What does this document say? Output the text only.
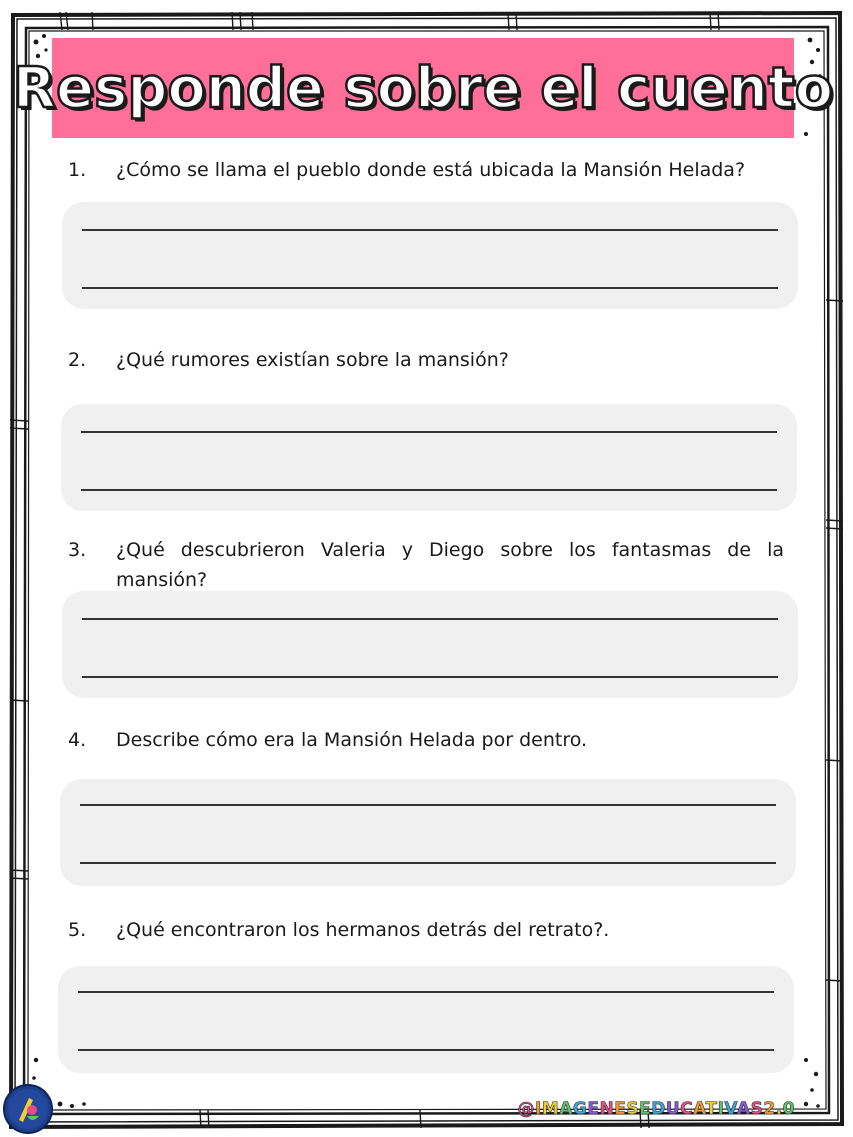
Responde sobre el cuento
1. ¿Cómo se llama el pueblo donde está ubicada la Mansión Helada?
2. ¿Qué rumores existían sobre la mansión?
3. ¿Qué descubrieron Valeria y Diego sobre los fantasmas de la mansión?
4. Describe cómo era la Mansión Helada por dentro.
5. ¿Qué encontraron los hermanos detrás del retrato?.
@IMAGENESEDUCATIVAS2.0
